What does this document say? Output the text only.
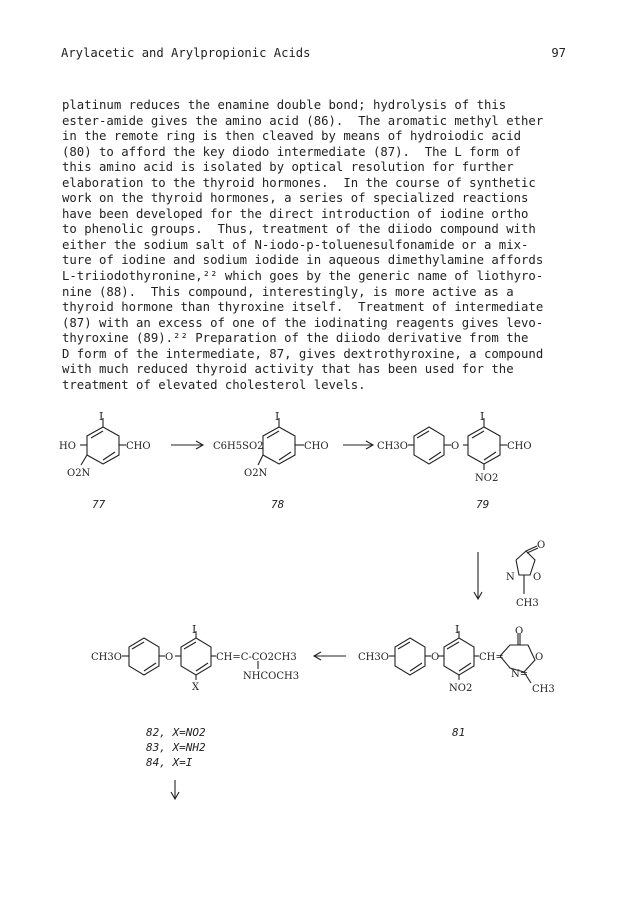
Arylacetic and Arylpropionic Acids	97
platinum reduces the enamine double bond; hydrolysis of this
ester-amide gives the amino acid (86).  The aromatic methyl ether
in the remote ring is then cleaved by means of hydroiodic acid
(80) to afford the key diodo intermediate (87).  The L form of
this amino acid is isolated by optical resolution for further
elaboration to the thyroid hormones.  In the course of synthetic
work on the thyroid hormones, a series of specialized reactions
have been developed for the direct introduction of iodine ortho
to phenolic groups.  Thus, treatment of the diiodo compound with
either the sodium salt of N-iodo-p-toluenesulfonamide or a mix-
ture of iodine and sodium iodide in aqueous dimethylamine affords
L-triiodothyronine,²² which goes by the generic name of liothyro-
nine (88).  This compound, interestingly, is more active as a
thyroid hormone than thyroxine itself.  Treatment of intermediate
(87) with an excess of one of the iodinating reagents gives levo-
thyroxine (89).²² Preparation of the diiodo derivative from the
D form of the intermediate, 87, gives dextrothyroxine, a compound
with much reduced thyroid activity that has been used for the
treatment of elevated cholesterol levels.
I
HO	CHO
O2N
I
C6H5SO2	CHO
O2N
I
CH3O	O	CHO
NO2
O
N O
CH3
CH3O	O
I
NO2
CH=
O
O
N=
CH3
CH3O	O
I
X
CH=C-CO2CH3
NHCOCH3
77	78	79
81
82, X=NO2
83, X=NH2
84, X=I
